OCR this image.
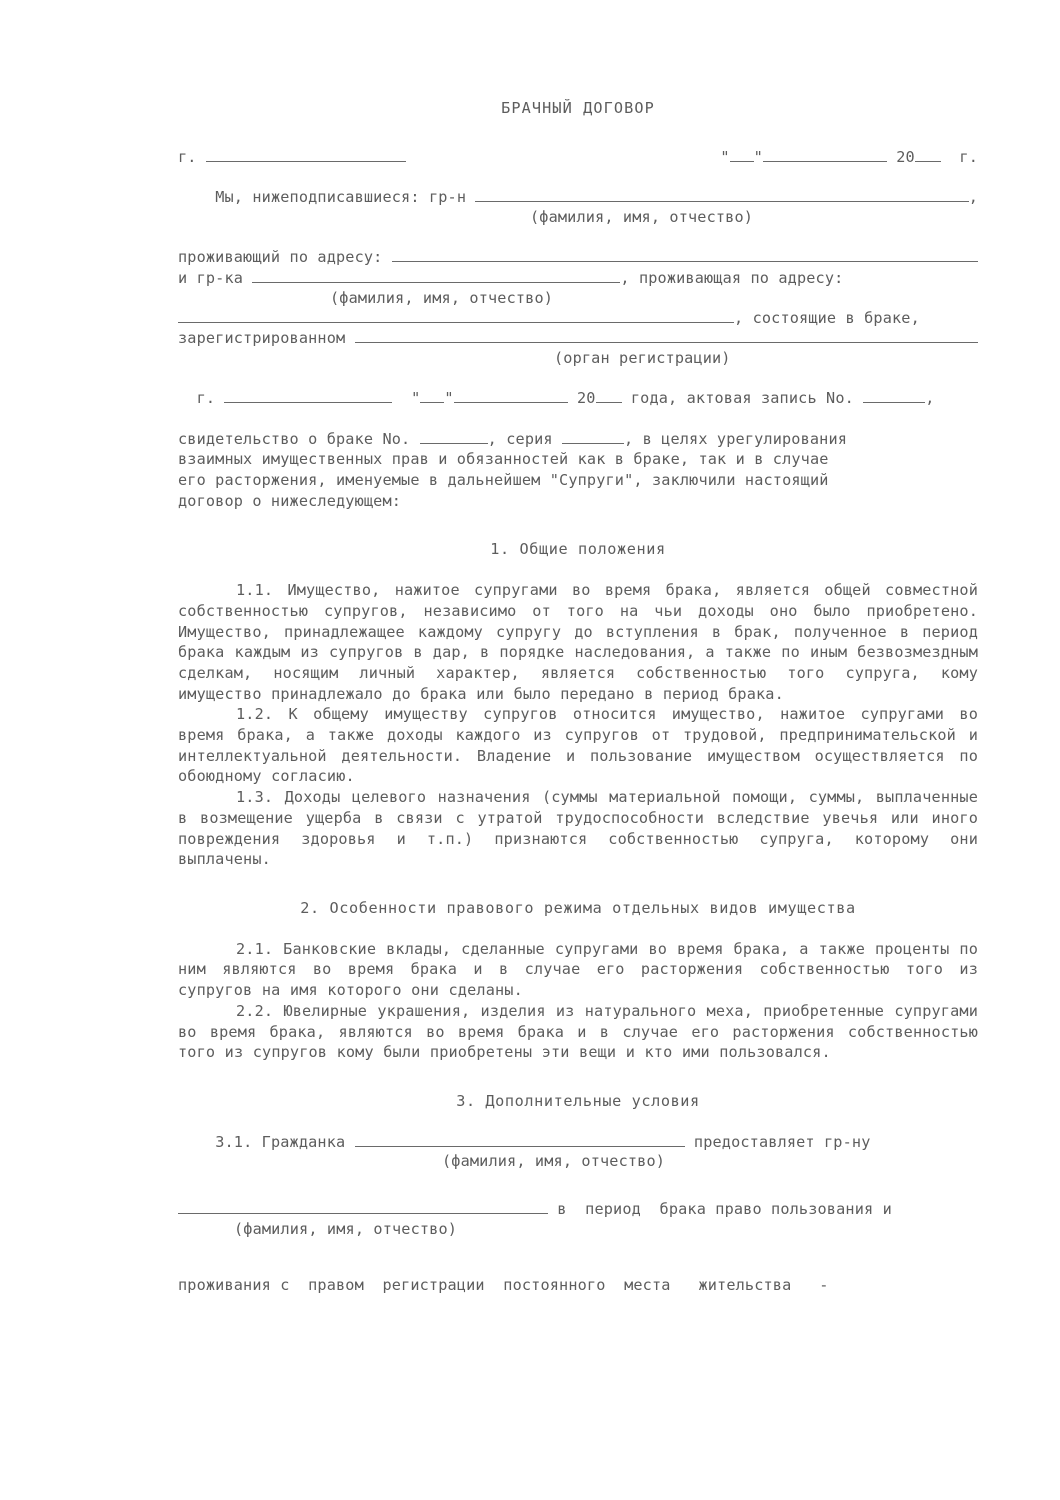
БРАЧНЫЙ ДОГОВОР
г.
	" "
	20
	г.

Мы, нижеподписавшиеся: гр-н
	,
(фамилия, имя, отчество)
проживающий по адресу:

и гр-ка
	, проживающая по адресу:
(фамилия, имя, отчество)
, состоящие в браке,
зарегистрированном

(орган регистрации)

г.

	" "
	20
года, актовая запись No.
	,
свидетельство о браке No.
	, серия
	, в целях урегулирования
взаимных имущественных прав и обязанностей как в браке, так и в случае
его расторжения, именуемые в дальнейшем "Супруги", заключили настоящий
договор о нижеследующем:
1. Общие положения

1.1. Имущество, нажитое супругами во время брака, является общей совместной собственностью супругов, независимо от того на чьи доходы оно было приобретено. Имущество, принадлежащее каждому супругу до вступления в брак, полученное в период брака каждым из супругов в дар, в порядке наследования, а также по иным безвозмездным сделкам, носящим личный характер, является собственностью того супруга, кому имущество принадлежало до брака или было передано в период брака.

1.2. К общему имуществу супругов относится имущество, нажитое супругами во время брака, а также доходы каждого из супругов от трудовой, предпринимательской и интеллектуальной деятельности. Владение и пользование имуществом осуществляется по обоюдному согласию.

1.3. Доходы целевого назначения (суммы материальной помощи, суммы, выплаченные в возмещение ущерба в связи с утратой трудоспособности вследствие увечья или иного повреждения здоровья и т.п.) признаются собственностью супруга, которому они выплачены.

2. Особенности правового режима отдельных видов имущества

2.1. Банковские вклады, сделанные супругами во время брака, а также проценты по ним являются во время брака и в случае его расторжения собственностью того из супругов на имя которого они сделаны.

2.2. Ювелирные украшения, изделия из натурального меха, приобретенные супругами во время брака, являются во время брака и в случае его расторжения собственностью того из супругов кому были приобретены эти вещи и кто ими пользовался.

3. Дополнительные условия

3.1. Гражданка

	предоставляет гр-ну
(фамилия, имя, отчество)

в  период  брака право пользования и
(фамилия, имя, отчество)
проживания с  правом  регистрации  постоянного  места   жительства   -
